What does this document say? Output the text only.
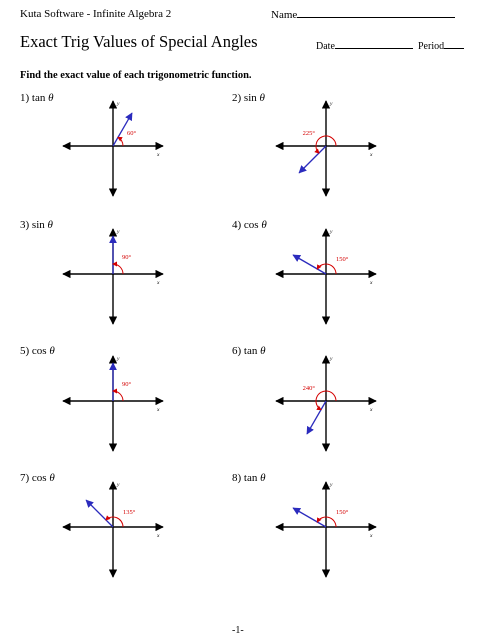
Kuta Software - Infinite Algebra 2	Name
Exact Trig Values of Special Angles	Date	Period
Find the exact value of each trigonometric function.
1) tan θ
x
y
60°
2) sin θ
x
y
225°
3) sin θ
x
y
90°
4) cos θ
x
y
150°
5) cos θ
x
y
90°
6) tan θ
x
y
240°
7) cos θ
x
y
135°
8) tan θ
x
y
150°
-1-
